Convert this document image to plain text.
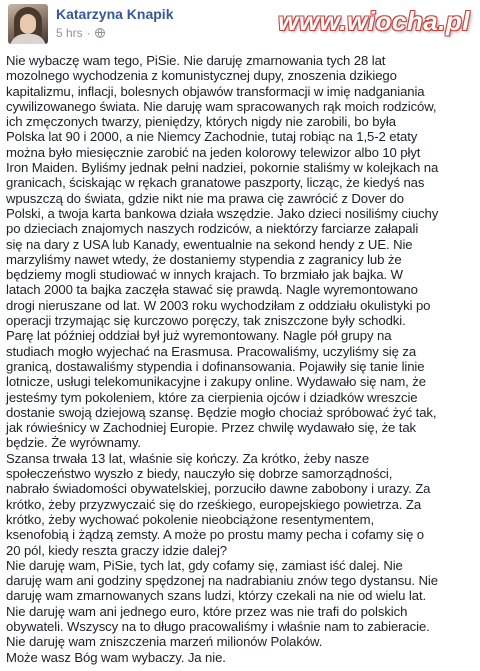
Katarzyna Knapik
5 hrs ·	www.wiocha.pl
Nie wybaczę wam tego, PiSie. Nie daruję zmarnowania tych 28 lat
mozolnego wychodzenia z komunistycznej dupy, znoszenia dzikiego
kapitalizmu, inflacji, bolesnych objawów transformacji w imię nadganiania
cywilizowanego świata. Nie daruję wam spracowanych rąk moich rodziców,
ich zmęczonych twarzy, pieniędzy, których nigdy nie zarobili, bo była
Polska lat 90 i 2000, a nie Niemcy Zachodnie, tutaj robiąc na 1,5-2 etaty
można było miesięcznie zarobić na jeden kolorowy telewizor albo 10 płyt
Iron Maiden. Byliśmy jednak pełni nadziei, pokornie staliśmy w kolejkach na
granicach, ściskając w rękach granatowe paszporty, licząc, że kiedyś nas
wpuszczą do świata, gdzie nikt nie ma prawa cię zawrócić z Dover do
Polski, a twoja karta bankowa działa wszędzie. Jako dzieci nosiliśmy ciuchy
po dzieciach znajomych naszych rodziców, a niektórzy farciarze załapali
się na dary z USA lub Kanady, ewentualnie na sekond hendy z UE. Nie
marzyliśmy nawet wtedy, że dostaniemy stypendia z zagranicy lub że
będziemy mogli studiować w innych krajach. To brzmiało jak bajka. W
latach 2000 ta bajka zaczęła stawać się prawdą. Nagle wyremontowano
drogi nieruszane od lat. W 2003 roku wychodziłam z oddziału okulistyki po
operacji trzymając się kurczowo poręczy, tak zniszczone były schodki.
Parę lat później oddział był już wyremontowany. Nagle pół grupy na
studiach mogło wyjechać na Erasmusa. Pracowaliśmy, uczyliśmy się za
granicą, dostawaliśmy stypendia i dofinansowania. Pojawiły się tanie linie
lotnicze, usługi telekomunikacyjne i zakupy online. Wydawało się nam, że
jesteśmy tym pokoleniem, które za cierpienia ojców i dziadków wreszcie
dostanie swoją dziejową szansę. Będzie mogło chociaż spróbować żyć tak,
jak rówieśnicy w Zachodniej Europie. Przez chwilę wydawało się, że tak
będzie. Że wyrównamy.
Szansa trwała 13 lat, właśnie się kończy. Za krótko, żeby nasze
społeczeństwo wyszło z biedy, nauczyło się dobrze samorządności,
nabrało świadomości obywatelskiej, porzuciło dawne zabobony i urazy. Za
krótko, żeby przyzwyczaić się do rześkiego, europejskiego powietrza. Za
krótko, żeby wychować pokolenie nieobciążone resentymentem,
ksenofobią i żądzą zemsty. A może po prostu mamy pecha i cofamy się o
20 pól, kiedy reszta graczy idzie dalej?
Nie daruję wam, PiSie, tych lat, gdy cofamy się, zamiast iść dalej. Nie
daruję wam ani godziny spędzonej na nadrabianiu znów tego dystansu. Nie
daruję wam zmarnowanych szans ludzi, którzy czekali na nie od wielu lat.
Nie daruję wam ani jednego euro, które przez was nie trafi do polskich
obywateli. Wszyscy na to długo pracowaliśmy i właśnie nam to zabieracie.
Nie daruję wam zniszczenia marzeń milionów Polaków.
Może wasz Bóg wam wybaczy. Ja nie.
